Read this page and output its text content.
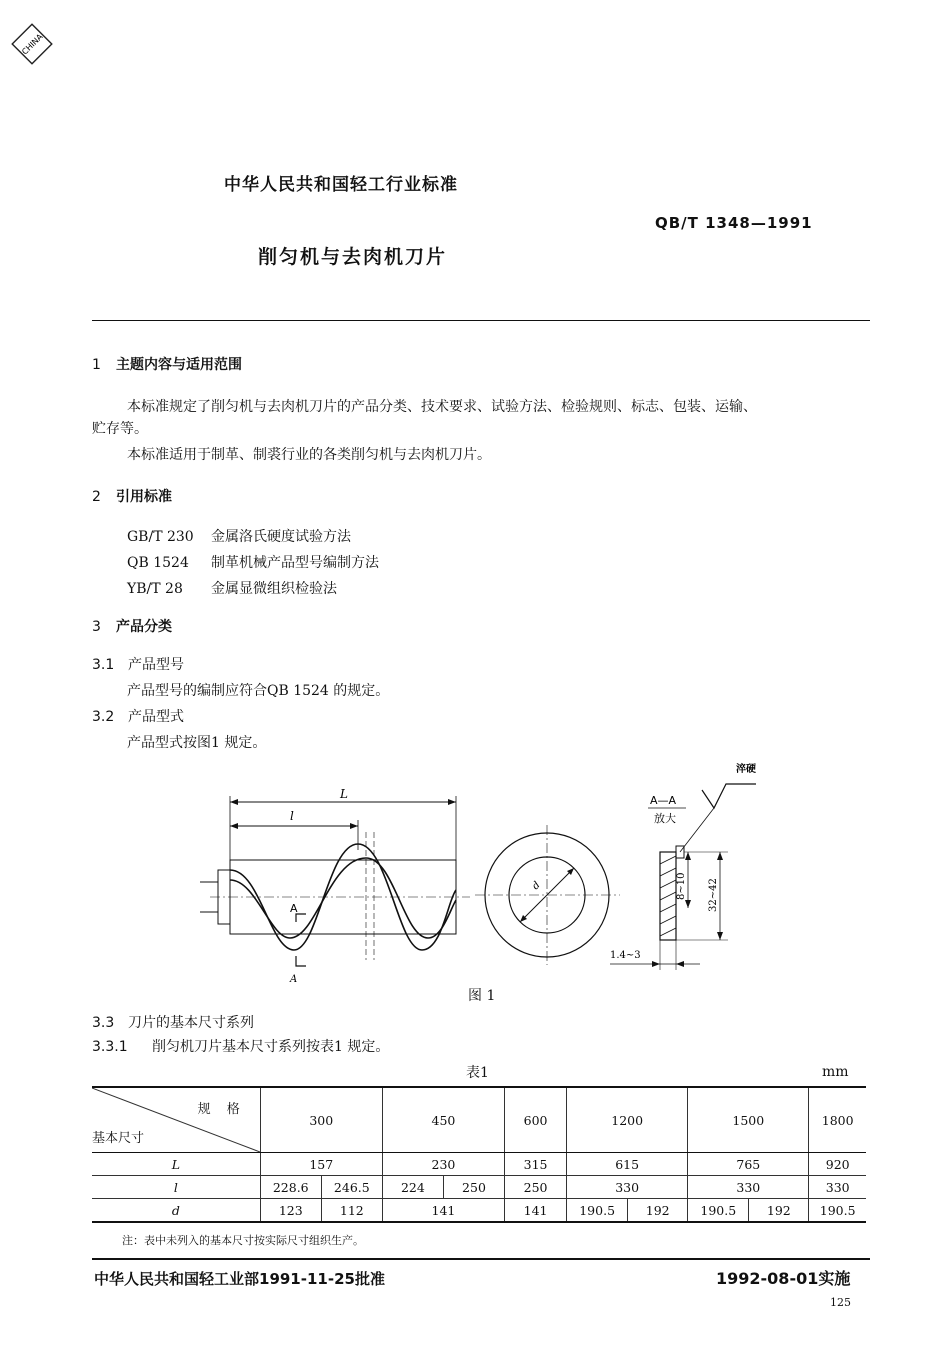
CHINA
中华人民共和国轻工行业标准
QB/T 1348—1991
削匀机与去肉机刀片
1 主题内容与适用范围
本标准规定了削匀机与去肉机刀片的产品分类、技术要求、试验方法、检验规则、标志、包装、运输、
贮存等。
本标准适用于制革、制裘行业的各类削匀机与去肉机刀片。
2 引用标准
GB/T 230 金属洛氏硬度试验方法
QB 1524 制革机械产品型号编制方法
YB/T 28 金属显微组织检验法
3 产品分类
3.1 产品型号
产品型号的编制应符合QB 1524 的规定。
3.2 产品型式
产品型式按图1 规定。
L
l
A
A
d
A—A
放大
淬硬
8~10 32~42
1.4~3
图 1
3.3 刀片的基本尺寸系列
3.3.1 削匀机刀片基本尺寸系列按表1 规定。
表1	mm
规 格
基本尺寸	300		450		600	1200		1500		1800
L	157		230		315	615		765		920
l	228.6	246.5	224	250	250	330		330		330
d	123	112	141		141	190.5	192	190.5	192	190.5
注：表中未列入的基本尺寸按实际尺寸组织生产。
中华人民共和国轻工业部1991-11-25批准	1992-08-01实施
125
